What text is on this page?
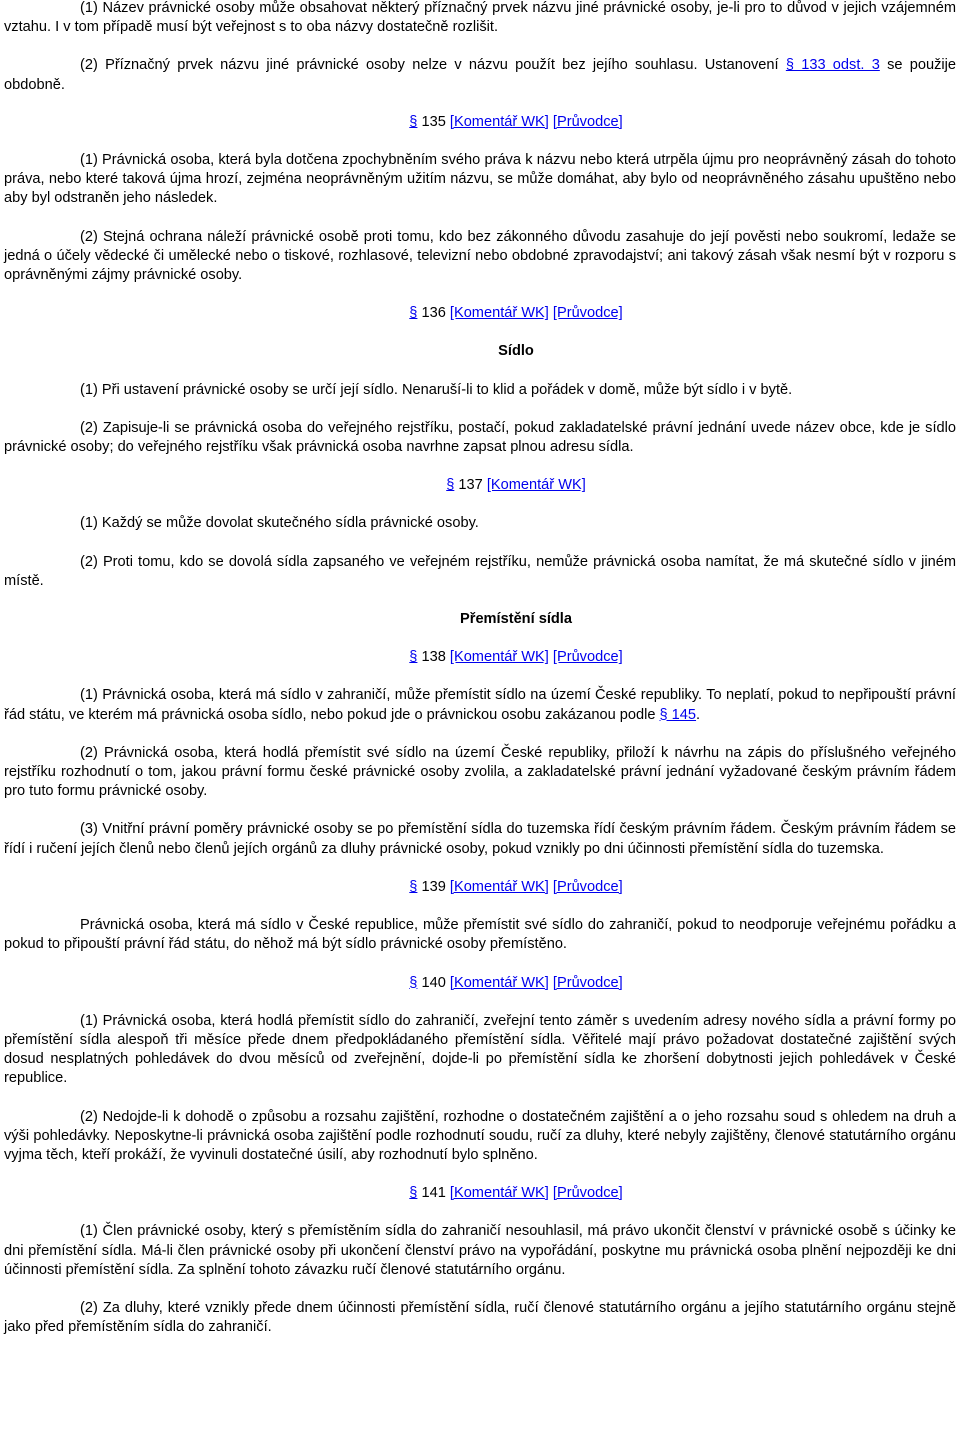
(1) Název právnické osoby může obsahovat některý příznačný prvek názvu jiné právnické osoby, je-li pro to důvod v jejich vzájemném vztahu. I v tom případě musí být veřejnost s to oba názvy dostatečně rozlišit.

(2) Příznačný prvek názvu jiné právnické osoby nelze v názvu použít bez jejího souhlasu. Ustanovení § 133 odst. 3 se použije obdobně.

§ 135 [Komentář WK] [Průvodce]

(1) Právnická osoba, která byla dotčena zpochybněním svého práva k názvu nebo která utrpěla újmu pro neoprávněný zásah do tohoto práva, nebo které taková újma hrozí, zejména neoprávněným užitím názvu, se může domáhat, aby bylo od neoprávněného zásahu upuštěno nebo aby byl odstraněn jeho následek.

(2) Stejná ochrana náleží právnické osobě proti tomu, kdo bez zákonného důvodu zasahuje do její pověsti nebo soukromí, ledaže se jedná o účely vědecké či umělecké nebo o tiskové, rozhlasové, televizní nebo obdobné zpravodajství; ani takový zásah však nesmí být v rozporu s oprávněnými zájmy právnické osoby.

§ 136 [Komentář WK] [Průvodce]

Sídlo

(1) Při ustavení právnické osoby se určí její sídlo. Nenaruší-li to klid a pořádek v domě, může být sídlo i v bytě.

(2) Zapisuje-li se právnická osoba do veřejného rejstříku, postačí, pokud zakladatelské právní jednání uvede název obce, kde je sídlo právnické osoby; do veřejného rejstříku však právnická osoba navrhne zapsat plnou adresu sídla.

§ 137 [Komentář WK]

(1) Každý se může dovolat skutečného sídla právnické osoby.

(2) Proti tomu, kdo se dovolá sídla zapsaného ve veřejném rejstříku, nemůže právnická osoba namítat, že má skutečné sídlo v jiném místě.

Přemístění sídla

§ 138 [Komentář WK] [Průvodce]

(1) Právnická osoba, která má sídlo v zahraničí, může přemístit sídlo na území České republiky. To neplatí, pokud to nepřipouští právní řád státu, ve kterém má právnická osoba sídlo, nebo pokud jde o právnickou osobu zakázanou podle § 145.

(2) Právnická osoba, která hodlá přemístit své sídlo na území České republiky, přiloží k návrhu na zápis do příslušného veřejného rejstříku rozhodnutí o tom, jakou právní formu české právnické osoby zvolila, a zakladatelské právní jednání vyžadované českým právním řádem pro tuto formu právnické osoby.

(3) Vnitřní právní poměry právnické osoby se po přemístění sídla do tuzemska řídí českým právním řádem. Českým právním řádem se řídí i ručení jejích členů nebo členů jejích orgánů za dluhy právnické osoby, pokud vznikly po dni účinnosti přemístění sídla do tuzemska.

§ 139 [Komentář WK] [Průvodce]

Právnická osoba, která má sídlo v České republice, může přemístit své sídlo do zahraničí, pokud to neodporuje veřejnému pořádku a pokud to připouští právní řád státu, do něhož má být sídlo právnické osoby přemístěno.

§ 140 [Komentář WK] [Průvodce]

(1) Právnická osoba, která hodlá přemístit sídlo do zahraničí, zveřejní tento záměr s uvedením adresy nového sídla a právní formy po přemístění sídla alespoň tři měsíce přede dnem předpokládaného přemístění sídla. Věřitelé mají právo požadovat dostatečné zajištění svých dosud nesplatných pohledávek do dvou měsíců od zveřejnění, dojde-li po přemístění sídla ke zhoršení dobytnosti jejich pohledávek v České republice.

(2) Nedojde-li k dohodě o způsobu a rozsahu zajištění, rozhodne o dostatečném zajištění a o jeho rozsahu soud s ohledem na druh a výši pohledávky. Neposkytne-li právnická osoba zajištění podle rozhodnutí soudu, ručí za dluhy, které nebyly zajištěny, členové statutárního orgánu vyjma těch, kteří prokáží, že vyvinuli dostatečné úsilí, aby rozhodnutí bylo splněno.

§ 141 [Komentář WK] [Průvodce]

(1) Člen právnické osoby, který s přemístěním sídla do zahraničí nesouhlasil, má právo ukončit členství v právnické osobě s účinky ke dni přemístění sídla. Má-li člen právnické osoby při ukončení členství právo na vypořádání, poskytne mu právnická osoba plnění nejpozději ke dni účinnosti přemístění sídla. Za splnění tohoto závazku ručí členové statutárního orgánu.

(2) Za dluhy, které vznikly přede dnem účinnosti přemístění sídla, ručí členové statutárního orgánu a jejího statutárního orgánu stejně jako před přemístěním sídla do zahraničí.
